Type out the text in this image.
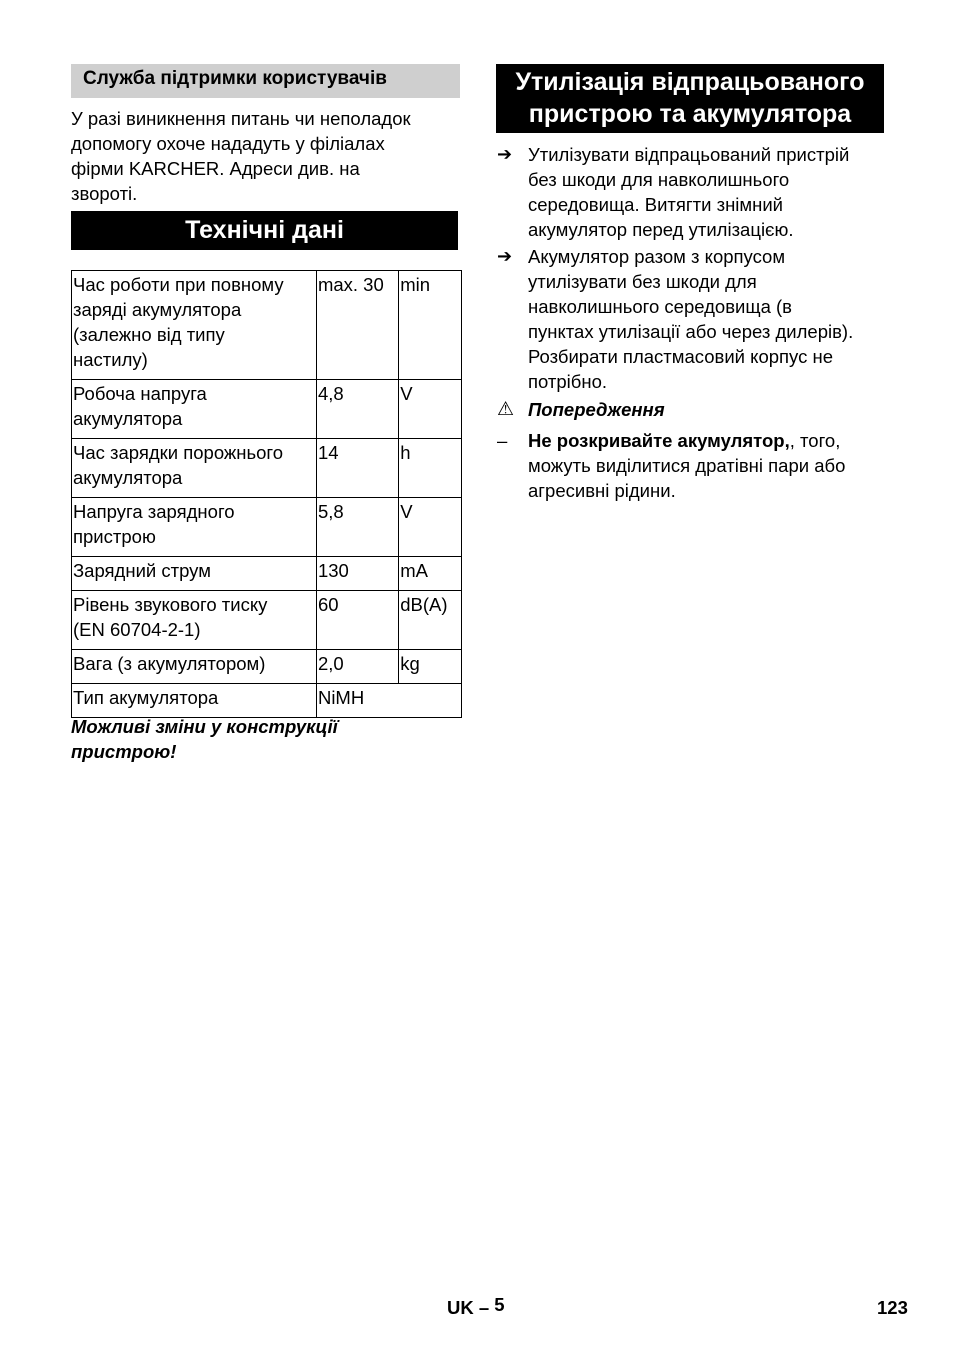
Служба підтримки користувачів
У разі виникнення питань чи неполадок
допомогу охоче нададуть у філіалах
фірми KARCHER. Адреси див. на
звороті.
Технічні дані
Час роботи при повному
заряді акумулятора
(залежно від типу
настилу)	max. 30	min

Робоча напруга
акумулятора	4,8	V

Час зарядки порожнього
акумулятора	14	h

Напруга зарядного
пристрою	5,8	V

Зарядний струм	130	mA

Рівень звукового тиску
(EN 60704-2-1)	60	dB(A)

Вага (з акумулятором)	2,0	kg

Тип акумулятора	NiMH	
Можливі зміни у конструкції
пристрою!
Утилізація відпрацьованого
пристрою та акумулятора
➔ Утилізувати відпрацьований пристрій
без шкоди для навколишнього
середовища. Витягти знімний
акумулятор перед утилізацією.
➔ Акумулятор разом з корпусом
утилізувати без шкоди для
навколишнього середовища (в
пунктах утилізації або через дилерів).
Розбирати пластмасовий корпус не
потрібно.
⚠ Попередження
–	Не розкривайте акумулятор,, того,
можуть виділитися дратівні пари або
агресивні рідини.
UK – 5	123
